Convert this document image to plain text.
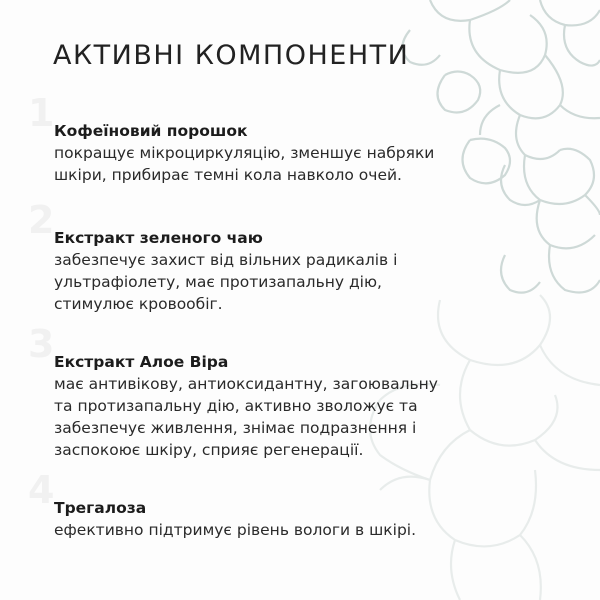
АКТИВНІ КОМПОНЕНТИ
1 Кофеїновий порошок
покращує мікроциркуляцію, зменшує набряки
шкіри, прибирає темні кола навколо очей.
2 Екстракт зеленого чаю
забезпечує захист від вільних радикалів і
ультрафіолету, має протизапальну дію,
стимулює кровообіг.
3 Екстракт Алое Віра
має антивікову, антиоксидантну, загоювальну
та протизапальну дію, активно зволожує та
забезпечує живлення, знімає подразнення і
заспокоює шкіру, сприяє регенерації.
4 Трегалоза
ефективно підтримує рівень вологи в шкірі.
